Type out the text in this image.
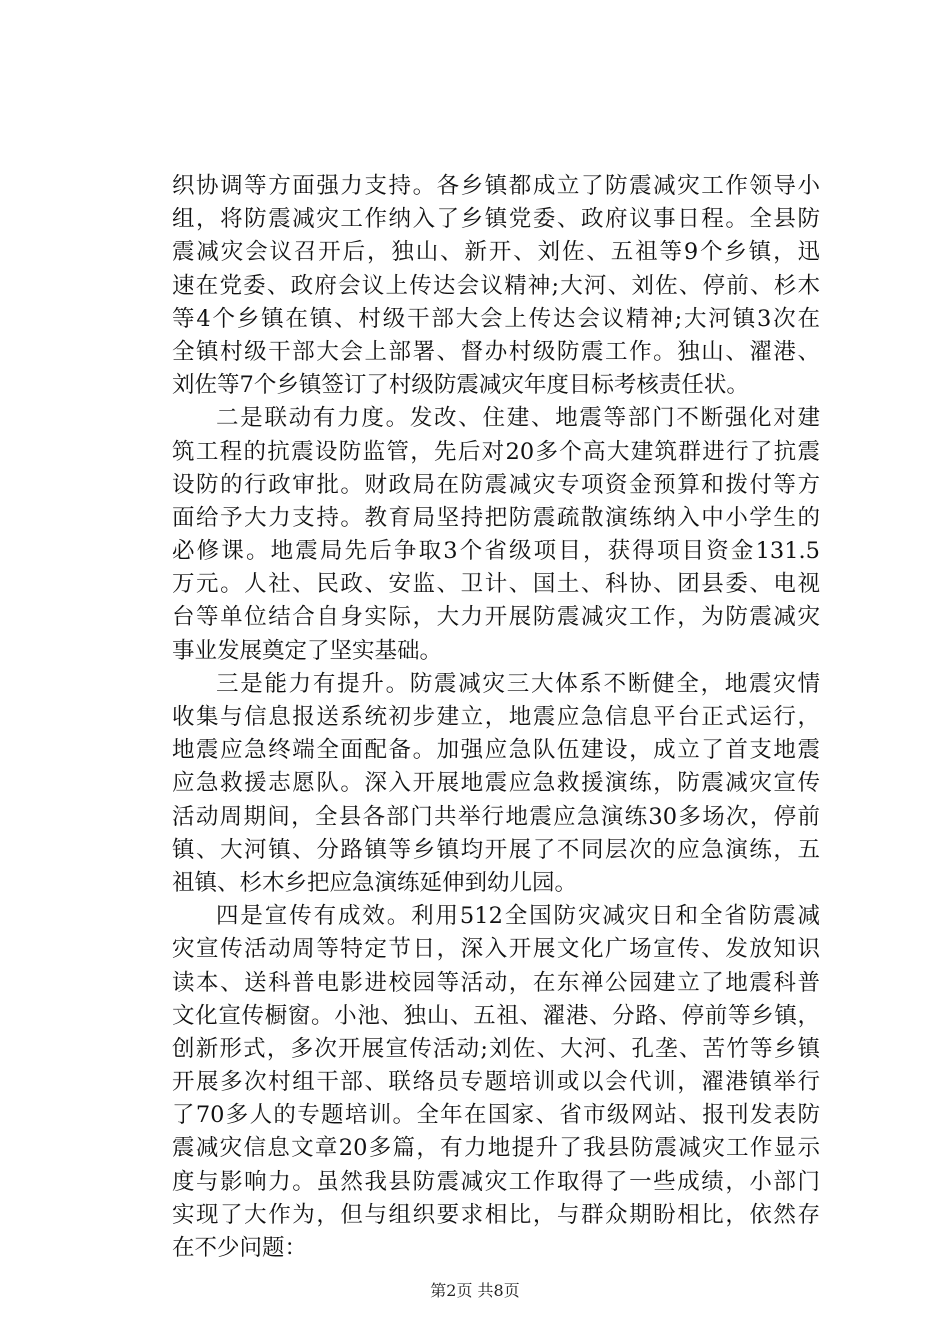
织协调等方面强力支持。各乡镇都成立了防震减灾工作领导小
组，将防震减灾工作纳入了乡镇党委、政府议事日程。全县防
震减灾会议召开后，独山、新开、刘佐、五祖等9个乡镇，迅
速在党委、政府会议上传达会议精神;大河、刘佐、停前、杉木
等4个乡镇在镇、村级干部大会上传达会议精神;大河镇3次在
全镇村级干部大会上部署、督办村级防震工作。独山、濯港、
刘佐等7个乡镇签订了村级防震减灾年度目标考核责任状。
二是联动有力度。发改、住建、地震等部门不断强化对建
筑工程的抗震设防监管，先后对20多个高大建筑群进行了抗震
设防的行政审批。财政局在防震减灾专项资金预算和拨付等方
面给予大力支持。教育局坚持把防震疏散演练纳入中小学生的
必修课。地震局先后争取3个省级项目，获得项目资金131.5
万元。人社、民政、安监、卫计、国土、科协、团县委、电视
台等单位结合自身实际，大力开展防震减灾工作，为防震减灾
事业发展奠定了坚实基础。
三是能力有提升。防震减灾三大体系不断健全，地震灾情
收集与信息报送系统初步建立，地震应急信息平台正式运行，
地震应急终端全面配备。加强应急队伍建设，成立了首支地震
应急救援志愿队。深入开展地震应急救援演练，防震减灾宣传
活动周期间，全县各部门共举行地震应急演练30多场次，停前
镇、大河镇、分路镇等乡镇均开展了不同层次的应急演练，五
祖镇、杉木乡把应急演练延伸到幼儿园。
四是宣传有成效。利用512全国防灾减灾日和全省防震减
灾宣传活动周等特定节日，深入开展文化广场宣传、发放知识
读本、送科普电影进校园等活动，在东禅公园建立了地震科普
文化宣传橱窗。小池、独山、五祖、濯港、分路、停前等乡镇，
创新形式，多次开展宣传活动;刘佐、大河、孔垄、苦竹等乡镇
开展多次村组干部、联络员专题培训或以会代训，濯港镇举行
了70多人的专题培训。全年在国家、省市级网站、报刊发表防
震减灾信息文章20多篇，有力地提升了我县防震减灾工作显示
度与影响力。虽然我县防震减灾工作取得了一些成绩，小部门
实现了大作为，但与组织要求相比，与群众期盼相比，依然存
在不少问题：
第2页 共8页
